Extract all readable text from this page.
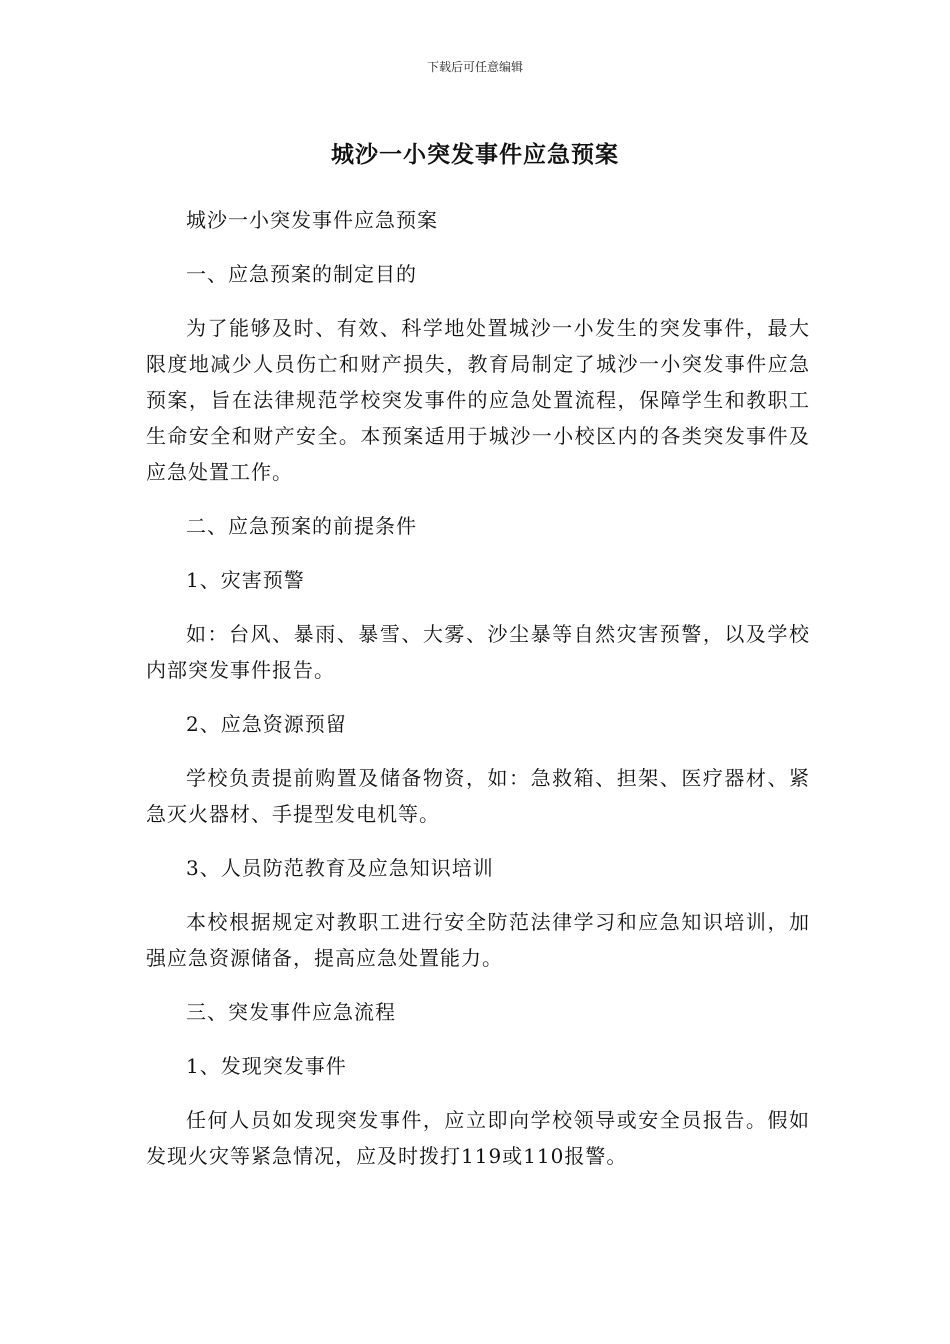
下载后可任意编辑
城沙一小突发事件应急预案

城沙一小突发事件应急预案

一、应急预案的制定目的

为了能够及时、有效、科学地处置城沙一小发生的突发事件，最大限度地减少人员伤亡和财产损失，教育局制定了城沙一小突发事件应急预案，旨在法律规范学校突发事件的应急处置流程，保障学生和教职工生命安全和财产安全。本预案适用于城沙一小校区内的各类突发事件及应急处置工作。

二、应急预案的前提条件

1、灾害预警

如：台风、暴雨、暴雪、大雾、沙尘暴等自然灾害预警，以及学校内部突发事件报告。

2、应急资源预留

学校负责提前购置及储备物资，如：急救箱、担架、医疗器材、紧急灭火器材、手提型发电机等。

3、人员防范教育及应急知识培训

本校根据规定对教职工进行安全防范法律学习和应急知识培训，加强应急资源储备，提高应急处置能力。

三、突发事件应急流程

1、发现突发事件

任何人员如发现突发事件，应立即向学校领导或安全员报告。假如发现火灾等紧急情况，应及时拨打119或110报警。
